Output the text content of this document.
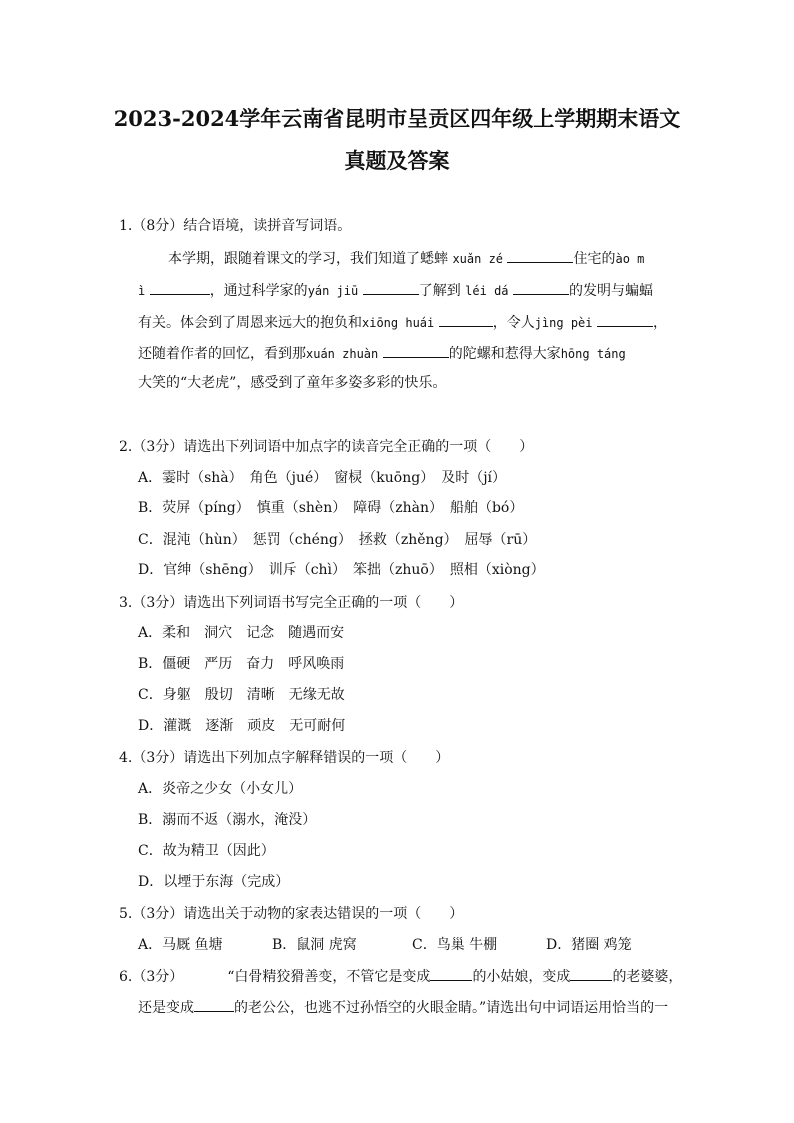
2023-2024学年云南省昆明市呈贡区四年级上学期期末语文
真题及答案
1.（8分）结合语境，读拼音写词语。
本学期，跟随着课文的学习，我们知道了蟋蟀 xuǎn zé	住宅的ào m
ì	，通过科学家的yán jiū	了解到 léi dá	的发明与蝙蝠
有关。体会到了周恩来远大的抱负和xiōng huái	，令人jìng pèi	，
还随着作者的回忆，看到那xuán zhuàn	的陀螺和惹得大家hōng táng
大笑的“大老虎”，感受到了童年多姿多彩的快乐。
2.（3分）请选出下列词语中加点字的读音完全正确的一项（　　）
A．霎时（shà）　角色（jué）　窗棂（kuōng）　及时（jí）
B．荧屏（píng）　慎重（shèn）　障碍（zhàn）　船舶（bó）
C．混沌（hùn）　惩罚（chéng）　拯救（zhěng）　屈辱（rū）
D．官绅（shēng）　训斥（chì）　笨拙（zhuō）　照相（xiòng）
3.（3分）请选出下列词语书写完全正确的一项（　　）
A．柔和　洞穴　记念　随遇而安
B．僵硬　严历　奋力　呼风唤雨
C．身躯　殷切　清晰　无缘无故
D．灌溉　逐渐　顽皮　无可耐何
4.（3分）请选出下列加点字解释错误的一项（　　）
A．炎帝之少女（小女儿）
B．溺而不返（溺水，淹没）
C．故为精卫（因此）
D．以堙于东海（完成）
5.（3分）请选出关于动物的家表达错误的一项（　　）
A．马厩 鱼塘	B．鼠洞 虎窝	C．鸟巢 牛棚	D．猪圈 鸡笼
6.（3分）	“白骨精狡猾善变，不管它是变成	的小姑娘，变成	的老婆婆，
还是变成	的老公公，也逃不过孙悟空的火眼金睛。”请选出句中词语运用恰当的一
